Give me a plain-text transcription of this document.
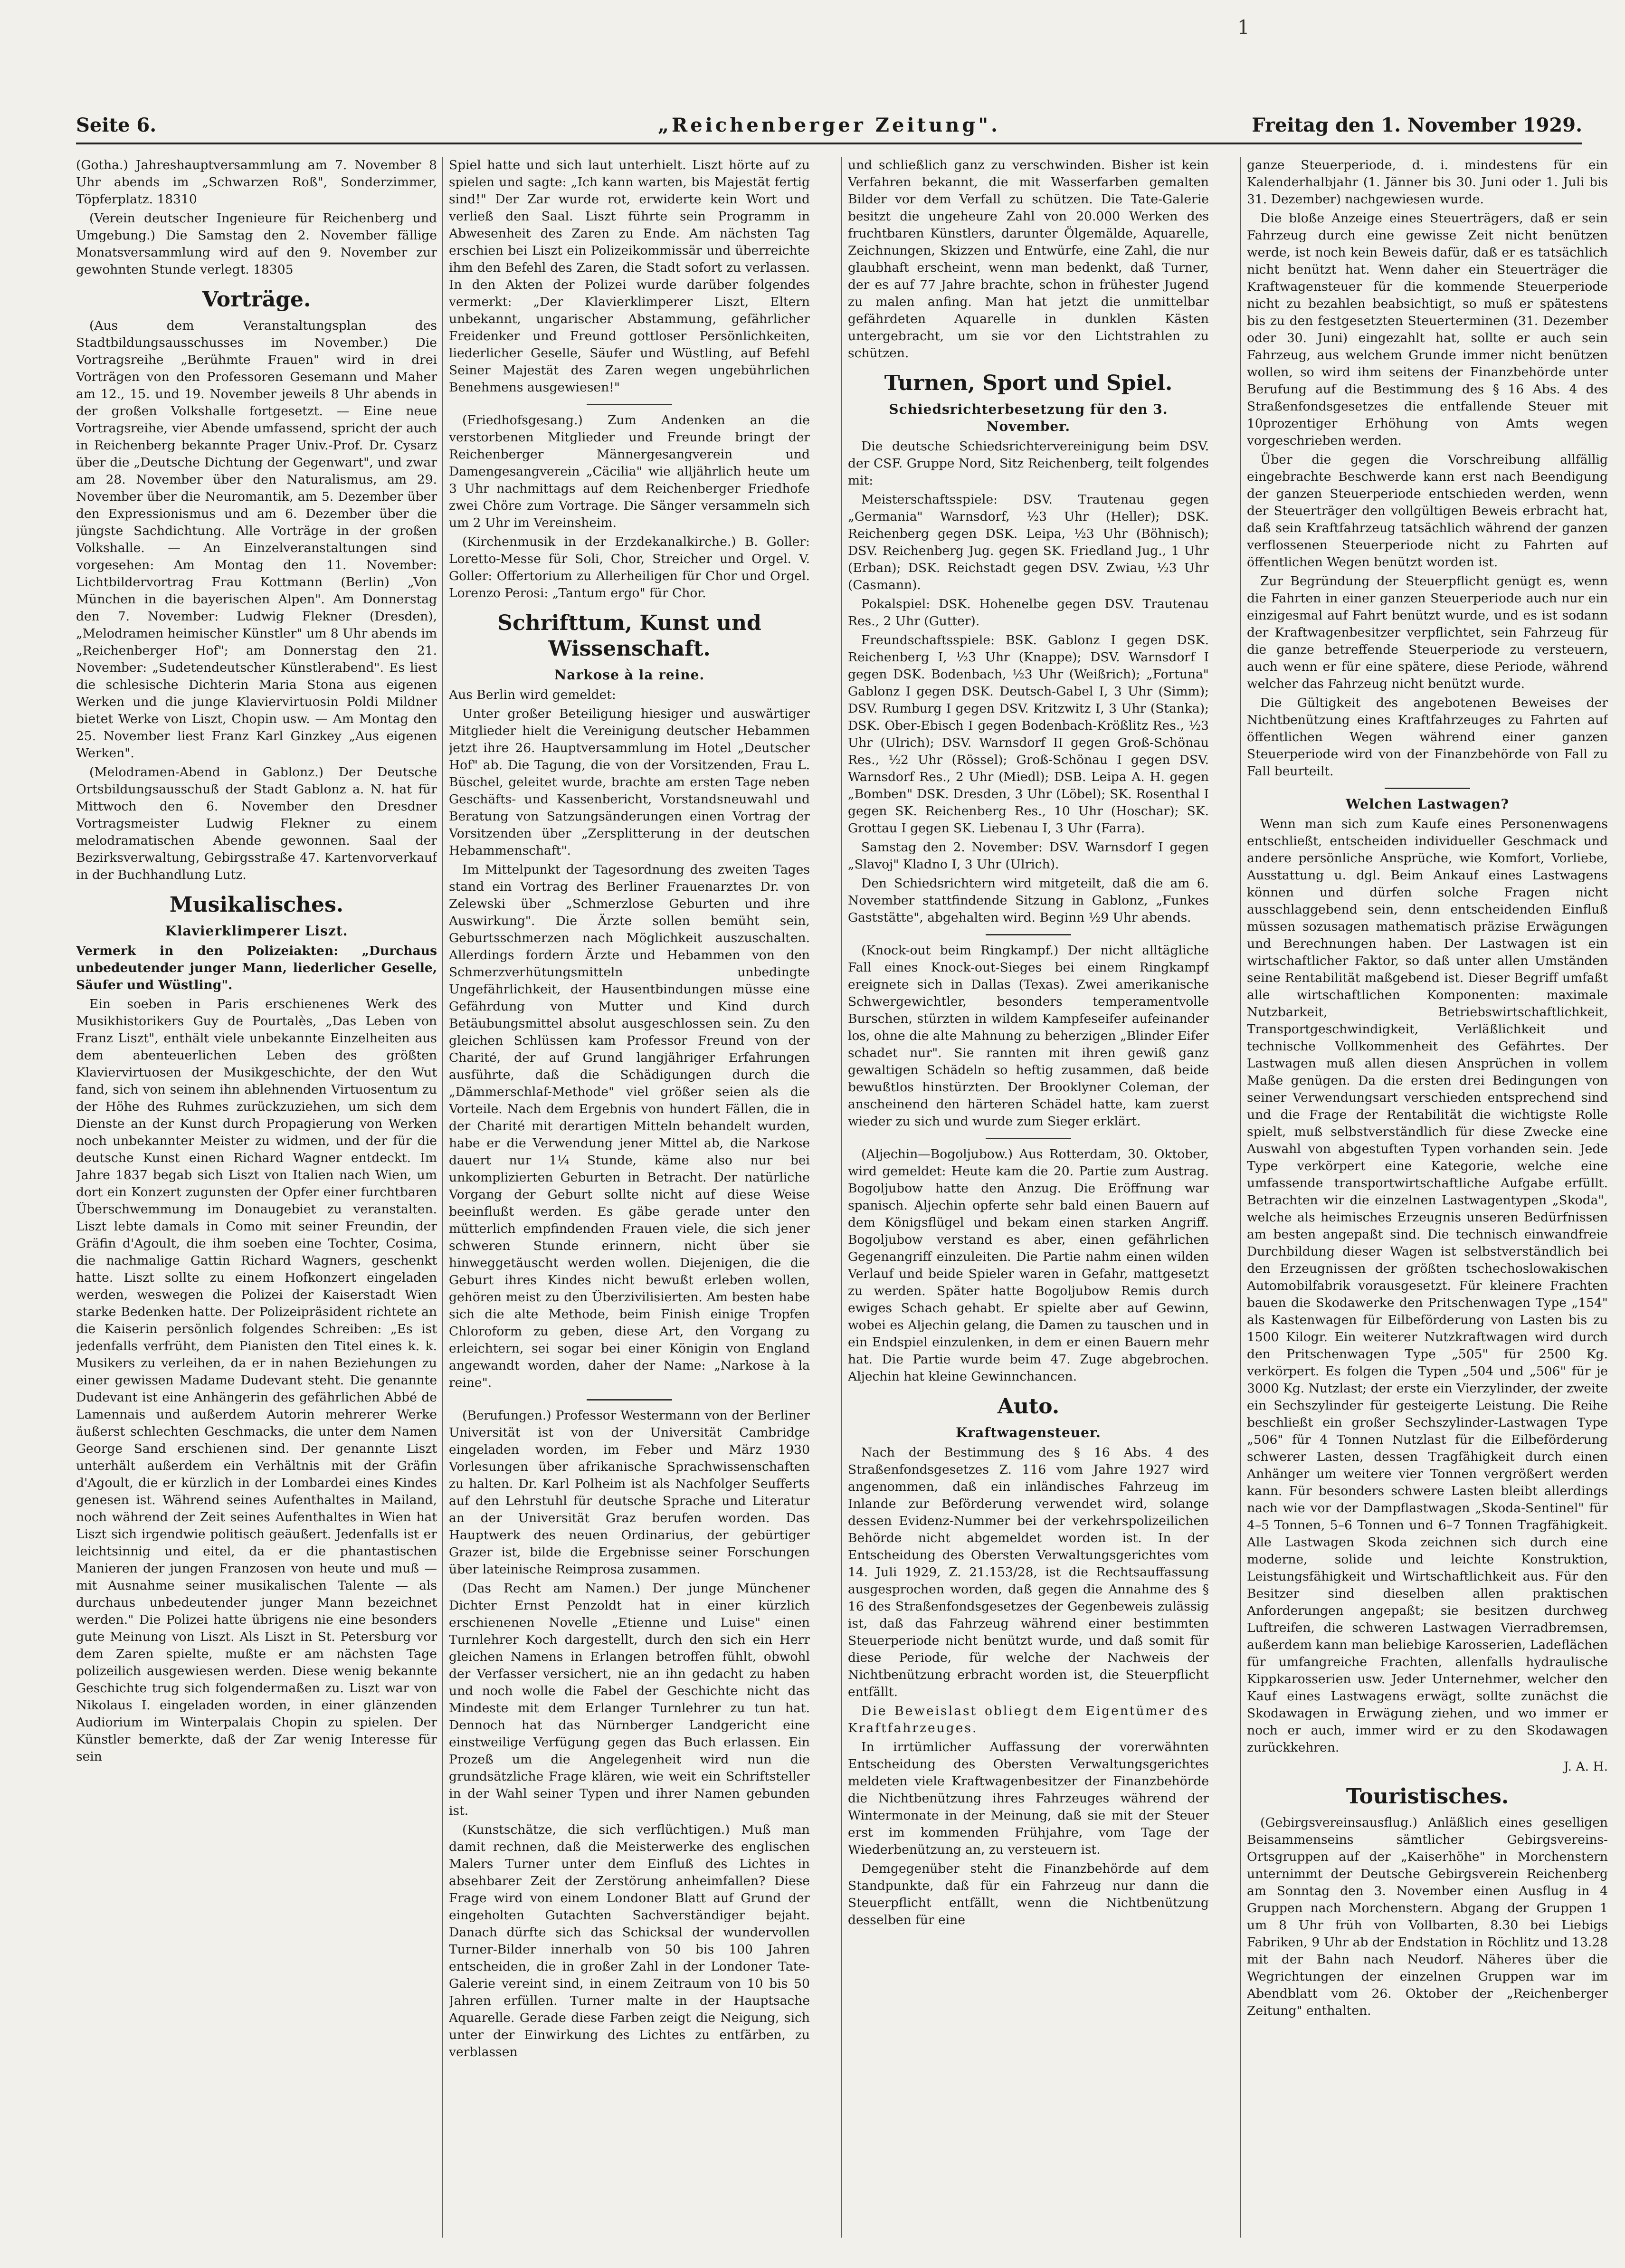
1
Seite 6.	„Reichenberger Zeitung".	Freitag den 1. November 1929.

(Gotha.) Jahreshauptversammlung am 7. November 8 Uhr abends im „Schwarzen Roß", Sonderzimmer, Töpferplatz. 18310

(Verein deutscher Ingenieure für Reichenberg und Umgebung.) Die Samstag den 2. November fällige Monatsversammlung wird auf den 9. November zur gewohnten Stunde verlegt. 18305

Vorträge.

(Aus dem Veranstaltungsplan des Stadtbildungsausschusses im November.) Die Vortragsreihe „Berühmte Frauen" wird in drei Vorträgen von den Professoren Gesemann und Maher am 12., 15. und 19. November jeweils 8 Uhr abends in der großen Volkshalle fortgesetzt. — Eine neue Vortragsreihe, vier Abende umfassend, spricht der auch in Reichenberg bekannte Prager Univ.-Prof. Dr. Cysarz über die „Deutsche Dichtung der Gegenwart", und zwar am 28. November über den Naturalismus, am 29. November über die Neuromantik, am 5. Dezember über den Expressionismus und am 6. Dezember über die jüngste Sachdichtung. Alle Vorträge in der großen Volkshalle. — An Einzelveranstaltungen sind vorgesehen: Am Montag den 11. November: Lichtbildervortrag Frau Kottmann (Berlin) „Von München in die bayerischen Alpen". Am Donnerstag den 7. November: Ludwig Flekner (Dresden), „Melodramen heimischer Künstler" um 8 Uhr abends im „Reichenberger Hof"; am Donnerstag den 21. November: „Sudetendeutscher Künstlerabend". Es liest die schlesische Dichterin Maria Stona aus eigenen Werken und die junge Klaviervirtuosin Poldi Mildner bietet Werke von Liszt, Chopin usw. — Am Montag den 25. November liest Franz Karl Ginzkey „Aus eigenen Werken".

(Melodramen-Abend in Gablonz.) Der Deutsche Ortsbildungsausschuß der Stadt Gablonz a. N. hat für Mittwoch den 6. November den Dresdner Vortragsmeister Ludwig Flekner zu einem melodramatischen Abende gewonnen. Saal der Bezirksverwaltung, Gebirgsstraße 47. Kartenvorverkauf in der Buchhandlung Lutz.

Musikalisches.
Klavierklimperer Liszt.

Vermerk in den Polizeiakten: „Durchaus unbedeutender junger Mann, liederlicher Geselle, Säufer und Wüstling".

Ein soeben in Paris erschienenes Werk des Musikhistorikers Guy de Pourtalès, „Das Leben von Franz Liszt", enthält viele unbekannte Einzelheiten aus dem abenteuerlichen Leben des größten Klaviervirtuosen der Musikgeschichte, der den Wut fand, sich von seinem ihn ablehnenden Virtuosentum zu der Höhe des Ruhmes zurückzuziehen, um sich dem Dienste an der Kunst durch Propagierung von Werken noch unbekannter Meister zu widmen, und der für die deutsche Kunst einen Richard Wagner entdeckt. Im Jahre 1837 begab sich Liszt von Italien nach Wien, um dort ein Konzert zugunsten der Opfer einer furchtbaren Überschwemmung im Donaugebiet zu veranstalten. Liszt lebte damals in Como mit seiner Freundin, der Gräfin d'Agoult, die ihm soeben eine Tochter, Cosima, die nachmalige Gattin Richard Wagners, geschenkt hatte. Liszt sollte zu einem Hofkonzert eingeladen werden, weswegen die Polizei der Kaiserstadt Wien starke Bedenken hatte. Der Polizeipräsident richtete an die Kaiserin persönlich folgendes Schreiben: „Es ist jedenfalls verfrüht, dem Pianisten den Titel eines k. k. Musikers zu verleihen, da er in nahen Beziehungen zu einer gewissen Madame Dudevant steht. Die genannte Dudevant ist eine Anhängerin des gefährlichen Abbé de Lamennais und außerdem Autorin mehrerer Werke äußerst schlechten Geschmacks, die unter dem Namen George Sand erschienen sind. Der genannte Liszt unterhält außerdem ein Verhältnis mit der Gräfin d'Agoult, die er kürzlich in der Lombardei eines Kindes genesen ist. Während seines Aufenthaltes in Mailand, noch während der Zeit seines Aufenthaltes in Wien hat Liszt sich irgendwie politisch geäußert. Jedenfalls ist er leichtsinnig und eitel, da er die phantastischen Manieren der jungen Franzosen von heute und muß — mit Ausnahme seiner musikalischen Talente — als durchaus unbedeutender junger Mann bezeichnet werden." Die Polizei hatte übrigens nie eine besonders gute Meinung von Liszt. Als Liszt in St. Petersburg vor dem Zaren spielte, mußte er am nächsten Tage polizeilich ausgewiesen werden. Diese wenig bekannte Geschichte trug sich folgendermaßen zu. Liszt war von Nikolaus I. eingeladen worden, in einer glänzenden Audiorium im Winterpalais Chopin zu spielen. Der Künstler bemerkte, daß der Zar wenig Interesse für sein

Spiel hatte und sich laut unterhielt. Liszt hörte auf zu spielen und sagte: „Ich kann warten, bis Majestät fertig sind!" Der Zar wurde rot, erwiderte kein Wort und verließ den Saal. Liszt führte sein Programm in Abwesenheit des Zaren zu Ende. Am nächsten Tag erschien bei Liszt ein Polizeikommissär und überreichte ihm den Befehl des Zaren, die Stadt sofort zu verlassen. In den Akten der Polizei wurde darüber folgendes vermerkt: „Der Klavierklimperer Liszt, Eltern unbekannt, ungarischer Abstammung, gefährlicher Freidenker und Freund gottloser Persönlichkeiten, liederlicher Geselle, Säufer und Wüstling, auf Befehl Seiner Majestät des Zaren wegen ungebührlichen Benehmens ausgewiesen!"

(Friedhofsgesang.) Zum Andenken an die verstorbenen Mitglieder und Freunde bringt der Reichenberger Männergesangverein und Damengesangverein „Cäcilia" wie alljährlich heute um 3 Uhr nachmittags auf dem Reichenberger Friedhofe zwei Chöre zum Vortrage. Die Sänger versammeln sich um 2 Uhr im Vereinsheim.

(Kirchenmusik in der Erzdekanalkirche.) B. Goller: Loretto-Messe für Soli, Chor, Streicher und Orgel. V. Goller: Offertorium zu Allerheiligen für Chor und Orgel. Lorenzo Perosi: „Tantum ergo" für Chor.

Schrifttum, Kunst und Wissenschaft.
Narkose à la reine.

Aus Berlin wird gemeldet:

Unter großer Beteiligung hiesiger und auswärtiger Mitglieder hielt die Vereinigung deutscher Hebammen jetzt ihre 26. Hauptversammlung im Hotel „Deutscher Hof" ab. Die Tagung, die von der Vorsitzenden, Frau L. Büschel, geleitet wurde, brachte am ersten Tage neben Geschäfts- und Kassenbericht, Vorstandsneuwahl und Beratung von Satzungsänderungen einen Vortrag der Vorsitzenden über „Zersplitterung in der deutschen Hebammenschaft".

Im Mittelpunkt der Tagesordnung des zweiten Tages stand ein Vortrag des Berliner Frauenarztes Dr. von Zelewski über „Schmerzlose Geburten und ihre Auswirkung". Die Ärzte sollen bemüht sein, Geburtsschmerzen nach Möglichkeit auszuschalten. Allerdings fordern Ärzte und Hebammen von den Schmerzverhütungsmitteln unbedingte Ungefährlichkeit, der Hausentbindungen müsse eine Gefährdung von Mutter und Kind durch Betäubungsmittel absolut ausgeschlossen sein. Zu den gleichen Schlüssen kam Professor Freund von der Charité, der auf Grund langjähriger Erfahrungen ausführte, daß die Schädigungen durch die „Dämmerschlaf-Methode" viel größer seien als die Vorteile. Nach dem Ergebnis von hundert Fällen, die in der Charité mit derartigen Mitteln behandelt wurden, habe er die Verwendung jener Mittel ab, die Narkose dauert nur 1¼ Stunde, käme also nur bei unkomplizierten Geburten in Betracht. Der natürliche Vorgang der Geburt sollte nicht auf diese Weise beeinflußt werden. Es gäbe gerade unter den mütterlich empfindenden Frauen viele, die sich jener schweren Stunde erinnern, nicht über sie hinweggetäuscht werden wollen. Diejenigen, die die Geburt ihres Kindes nicht bewußt erleben wollen, gehören meist zu den Überzivilisierten. Am besten habe sich die alte Methode, beim Finish einige Tropfen Chloroform zu geben, diese Art, den Vorgang zu erleichtern, sei sogar bei einer Königin von England angewandt worden, daher der Name: „Narkose à la reine".

(Berufungen.) Professor Westermann von der Berliner Universität ist von der Universität Cambridge eingeladen worden, im Feber und März 1930 Vorlesungen über afrikanische Sprachwissenschaften zu halten. Dr. Karl Polheim ist als Nachfolger Seufferts auf den Lehrstuhl für deutsche Sprache und Literatur an der Universität Graz berufen worden. Das Hauptwerk des neuen Ordinarius, der gebürtiger Grazer ist, bilde die Ergebnisse seiner Forschungen über lateinische Reimprosa zusammen.

(Das Recht am Namen.) Der junge Münchener Dichter Ernst Penzoldt hat in einer kürzlich erschienenen Novelle „Etienne und Luise" einen Turnlehrer Koch dargestellt, durch den sich ein Herr gleichen Namens in Erlangen betroffen fühlt, obwohl der Verfasser versichert, nie an ihn gedacht zu haben und noch wolle die Fabel der Geschichte nicht das Mindeste mit dem Erlanger Turnlehrer zu tun hat. Dennoch hat das Nürnberger Landgericht eine einstweilige Verfügung gegen das Buch erlassen. Ein Prozeß um die Angelegenheit wird nun die grundsätzliche Frage klären, wie weit ein Schriftsteller in der Wahl seiner Typen und ihrer Namen gebunden ist.

(Kunstschätze, die sich verflüchtigen.) Muß man damit rechnen, daß die Meisterwerke des englischen Malers Turner unter dem Einfluß des Lichtes in absehbarer Zeit der Zerstörung anheimfallen? Diese Frage wird von einem Londoner Blatt auf Grund der eingeholten Gutachten Sachverständiger bejaht. Danach dürfte sich das Schicksal der wundervollen Turner-Bilder innerhalb von 50 bis 100 Jahren entscheiden, die in großer Zahl in der Londoner Tate-Galerie vereint sind, in einem Zeitraum von 10 bis 50 Jahren erfüllen. Turner malte in der Hauptsache Aquarelle. Gerade diese Farben zeigt die Neigung, sich unter der Einwirkung des Lichtes zu entfärben, zu verblassen

und schließlich ganz zu verschwinden. Bisher ist kein Verfahren bekannt, die mit Wasserfarben gemalten Bilder vor dem Verfall zu schützen. Die Tate-Galerie besitzt die ungeheure Zahl von 20.000 Werken des fruchtbaren Künstlers, darunter Ölgemälde, Aquarelle, Zeichnungen, Skizzen und Entwürfe, eine Zahl, die nur glaubhaft erscheint, wenn man bedenkt, daß Turner, der es auf 77 Jahre brachte, schon in frühester Jugend zu malen anfing. Man hat jetzt die unmittelbar gefährdeten Aquarelle in dunklen Kästen untergebracht, um sie vor den Lichtstrahlen zu schützen.

Turnen, Sport und Spiel.
Schiedsrichterbesetzung für den 3. November.

Die deutsche Schiedsrichtervereinigung beim DSV. der CSF. Gruppe Nord, Sitz Reichenberg, teilt folgendes mit:

Meisterschaftsspiele: DSV. Trautenau gegen „Germania" Warnsdorf, ½3 Uhr (Heller); DSK. Reichenberg gegen DSK. Leipa, ½3 Uhr (Böhnisch); DSV. Reichenberg Jug. gegen SK. Friedland Jug., 1 Uhr (Erban); DSK. Reichstadt gegen DSV. Zwiau, ½3 Uhr (Casmann).

Pokalspiel: DSK. Hohenelbe gegen DSV. Trautenau Res., 2 Uhr (Gutter).

Freundschaftsspiele: BSK. Gablonz I gegen DSK. Reichenberg I, ½3 Uhr (Knappe); DSV. Warnsdorf I gegen DSK. Bodenbach, ½3 Uhr (Weißrich); „Fortuna" Gablonz I gegen DSK. Deutsch-Gabel I, 3 Uhr (Simm); DSV. Rumburg I gegen DSV. Kritzwitz I, 3 Uhr (Stanka); DSK. Ober-Ebisch I gegen Bodenbach-Krößlitz Res., ½3 Uhr (Ulrich); DSV. Warnsdorf II gegen Groß-Schönau Res., ½2 Uhr (Rössel); Groß-Schönau I gegen DSV. Warnsdorf Res., 2 Uhr (Miedl); DSB. Leipa A. H. gegen „Bomben" DSK. Dresden, 3 Uhr (Löbel); SK. Rosenthal I gegen SK. Reichenberg Res., 10 Uhr (Hoschar); SK. Grottau I gegen SK. Liebenau I, 3 Uhr (Farra).

Samstag den 2. November: DSV. Warnsdorf I gegen „Slavoj" Kladno I, 3 Uhr (Ulrich).

Den Schiedsrichtern wird mitgeteilt, daß die am 6. November stattfindende Sitzung in Gablonz, „Funkes Gaststätte", abgehalten wird. Beginn ½9 Uhr abends.

(Knock-out beim Ringkampf.) Der nicht alltägliche Fall eines Knock-out-Sieges bei einem Ringkampf ereignete sich in Dallas (Texas). Zwei amerikanische Schwergewichtler, besonders temperamentvolle Burschen, stürzten in wildem Kampfeseifer aufeinander los, ohne die alte Mahnung zu beherzigen „Blinder Eifer schadet nur". Sie rannten mit ihren gewiß ganz gewaltigen Schädeln so heftig zusammen, daß beide bewußtlos hinstürzten. Der Brooklyner Coleman, der anscheinend den härteren Schädel hatte, kam zuerst wieder zu sich und wurde zum Sieger erklärt.

(Aljechin—Bogoljubow.) Aus Rotterdam, 30. Oktober, wird gemeldet: Heute kam die 20. Partie zum Austrag. Bogoljubow hatte den Anzug. Die Eröffnung war spanisch. Aljechin opferte sehr bald einen Bauern auf dem Königsflügel und bekam einen starken Angriff. Bogoljubow verstand es aber, einen gefährlichen Gegenangriff einzuleiten. Die Partie nahm einen wilden Verlauf und beide Spieler waren in Gefahr, mattgesetzt zu werden. Später hatte Bogoljubow Remis durch ewiges Schach gehabt. Er spielte aber auf Gewinn, wobei es Aljechin gelang, die Damen zu tauschen und in ein Endspiel einzulenken, in dem er einen Bauern mehr hat. Die Partie wurde beim 47. Zuge abgebrochen. Aljechin hat kleine Gewinnchancen.

Auto.
Kraftwagensteuer.

Nach der Bestimmung des § 16 Abs. 4 des Straßenfondsgesetzes Z. 116 vom Jahre 1927 wird angenommen, daß ein inländisches Fahrzeug im Inlande zur Beförderung verwendet wird, solange dessen Evidenz-Nummer bei der verkehrspolizeilichen Behörde nicht abgemeldet worden ist. In der Entscheidung des Obersten Verwaltungsgerichtes vom 14. Juli 1929, Z. 21.153/28, ist die Rechtsauffassung ausgesprochen worden, daß gegen die Annahme des § 16 des Straßenfondsgesetzes der Gegenbeweis zulässig ist, daß das Fahrzeug während einer bestimmten Steuerperiode nicht benützt wurde, und daß somit für diese Periode, für welche der Nachweis der Nichtbenützung erbracht worden ist, die Steuerpflicht entfällt.

Die Beweislast obliegt dem Eigentümer des Kraftfahrzeuges.

In irrtümlicher Auffassung der vorerwähnten Entscheidung des Obersten Verwaltungsgerichtes meldeten viele Kraftwagenbesitzer der Finanzbehörde die Nichtbenützung ihres Fahrzeuges während der Wintermonate in der Meinung, daß sie mit der Steuer erst im kommenden Frühjahre, vom Tage der Wiederbenützung an, zu versteuern ist.

Demgegenüber steht die Finanzbehörde auf dem Standpunkte, daß für ein Fahrzeug nur dann die Steuerpflicht entfällt, wenn die Nichtbenützung desselben für eine

ganze Steuerperiode, d. i. mindestens für ein Kalenderhalbjahr (1. Jänner bis 30. Juni oder 1. Juli bis 31. Dezember) nachgewiesen wurde.

Die bloße Anzeige eines Steuerträgers, daß er sein Fahrzeug durch eine gewisse Zeit nicht benützen werde, ist noch kein Beweis dafür, daß er es tatsächlich nicht benützt hat. Wenn daher ein Steuerträger die Kraftwagensteuer für die kommende Steuerperiode nicht zu bezahlen beabsichtigt, so muß er spätestens bis zu den festgesetzten Steuerterminen (31. Dezember oder 30. Juni) eingezahlt hat, sollte er auch sein Fahrzeug, aus welchem Grunde immer nicht benützen wollen, so wird ihm seitens der Finanzbehörde unter Berufung auf die Bestimmung des § 16 Abs. 4 des Straßenfondsgesetzes die entfallende Steuer mit 10prozentiger Erhöhung von Amts wegen vorgeschrieben werden.

Über die gegen die Vorschreibung allfällig eingebrachte Beschwerde kann erst nach Beendigung der ganzen Steuerperiode entschieden werden, wenn der Steuerträger den vollgültigen Beweis erbracht hat, daß sein Kraftfahrzeug tatsächlich während der ganzen verflossenen Steuerperiode nicht zu Fahrten auf öffentlichen Wegen benützt worden ist.

Zur Begründung der Steuerpflicht genügt es, wenn die Fahrten in einer ganzen Steuerperiode auch nur ein einzigesmal auf Fahrt benützt wurde, und es ist sodann der Kraftwagenbesitzer verpflichtet, sein Fahrzeug für die ganze betreffende Steuerperiode zu versteuern, auch wenn er für eine spätere, diese Periode, während welcher das Fahrzeug nicht benützt wurde.

Die Gültigkeit des angebotenen Beweises der Nichtbenützung eines Kraftfahrzeuges zu Fahrten auf öffentlichen Wegen während einer ganzen Steuerperiode wird von der Finanzbehörde von Fall zu Fall beurteilt.

Welchen Lastwagen?

Wenn man sich zum Kaufe eines Personenwagens entschließt, entscheiden individueller Geschmack und andere persönliche Ansprüche, wie Komfort, Vorliebe, Ausstattung u. dgl. Beim Ankauf eines Lastwagens können und dürfen solche Fragen nicht ausschlaggebend sein, denn entscheidenden Einfluß müssen sozusagen mathematisch präzise Erwägungen und Berechnungen haben. Der Lastwagen ist ein wirtschaftlicher Faktor, so daß unter allen Umständen seine Rentabilität maßgebend ist. Dieser Begriff umfaßt alle wirtschaftlichen Komponenten: maximale Nutzbarkeit, Betriebswirtschaftlichkeit, Transportgeschwindigkeit, Verläßlichkeit und technische Vollkommenheit des Gefährtes. Der Lastwagen muß allen diesen Ansprüchen in vollem Maße genügen. Da die ersten drei Bedingungen von seiner Verwendungsart verschieden entsprechend sind und die Frage der Rentabilität die wichtigste Rolle spielt, muß selbstverständlich für diese Zwecke eine Auswahl von abgestuften Typen vorhanden sein. Jede Type verkörpert eine Kategorie, welche eine umfassende transportwirtschaftliche Aufgabe erfüllt. Betrachten wir die einzelnen Lastwagentypen „Skoda", welche als heimisches Erzeugnis unseren Bedürfnissen am besten angepaßt sind. Die technisch einwandfreie Durchbildung dieser Wagen ist selbstverständlich bei den Erzeugnissen der größten tschechoslowakischen Automobilfabrik vorausgesetzt. Für kleinere Frachten bauen die Skodawerke den Pritschenwagen Type „154" als Kastenwagen für Eilbeförderung von Lasten bis zu 1500 Kilogr. Ein weiterer Nutzkraftwagen wird durch den Pritschenwagen Type „505" für 2500 Kg. verkörpert. Es folgen die Typen „504 und „506" für je 3000 Kg. Nutzlast; der erste ein Vierzylinder, der zweite ein Sechszylinder für gesteigerte Leistung. Die Reihe beschließt ein großer Sechszylinder-Lastwagen Type „506" für 4 Tonnen Nutzlast für die Eilbeförderung schwerer Lasten, dessen Tragfähigkeit durch einen Anhänger um weitere vier Tonnen vergrößert werden kann. Für besonders schwere Lasten bleibt allerdings nach wie vor der Dampflastwagen „Skoda-Sentinel" für 4–5 Tonnen, 5–6 Tonnen und 6–7 Tonnen Tragfähigkeit. Alle Lastwagen Skoda zeichnen sich durch eine moderne, solide und leichte Konstruktion, Leistungsfähigkeit und Wirtschaftlichkeit aus. Für den Besitzer sind dieselben allen praktischen Anforderungen angepaßt; sie besitzen durchweg Luftreifen, die schweren Lastwagen Vierradbremsen, außerdem kann man beliebige Karosserien, Ladeflächen für umfangreiche Frachten, allenfalls hydraulische Kippkarosserien usw. Jeder Unternehmer, welcher den Kauf eines Lastwagens erwägt, sollte zunächst die Skodawagen in Erwägung ziehen, und wo immer er noch er auch, immer wird er zu den Skodawagen zurückkehren.

J. A. H.

Touristisches.

(Gebirgsvereinsausflug.) Anläßlich eines geselligen Beisammenseins sämtlicher Gebirgsvereins-Ortsgruppen auf der „Kaiserhöhe" in Morchenstern unternimmt der Deutsche Gebirgsverein Reichenberg am Sonntag den 3. November einen Ausflug in 4 Gruppen nach Morchenstern. Abgang der Gruppen 1 um 8 Uhr früh von Vollbarten, 8.30 bei Liebigs Fabriken, 9 Uhr ab der Endstation in Röchlitz und 13.28 mit der Bahn nach Neudorf. Näheres über die Wegrichtungen der einzelnen Gruppen war im Abendblatt vom 26. Oktober der „Reichenberger Zeitung" enthalten.
